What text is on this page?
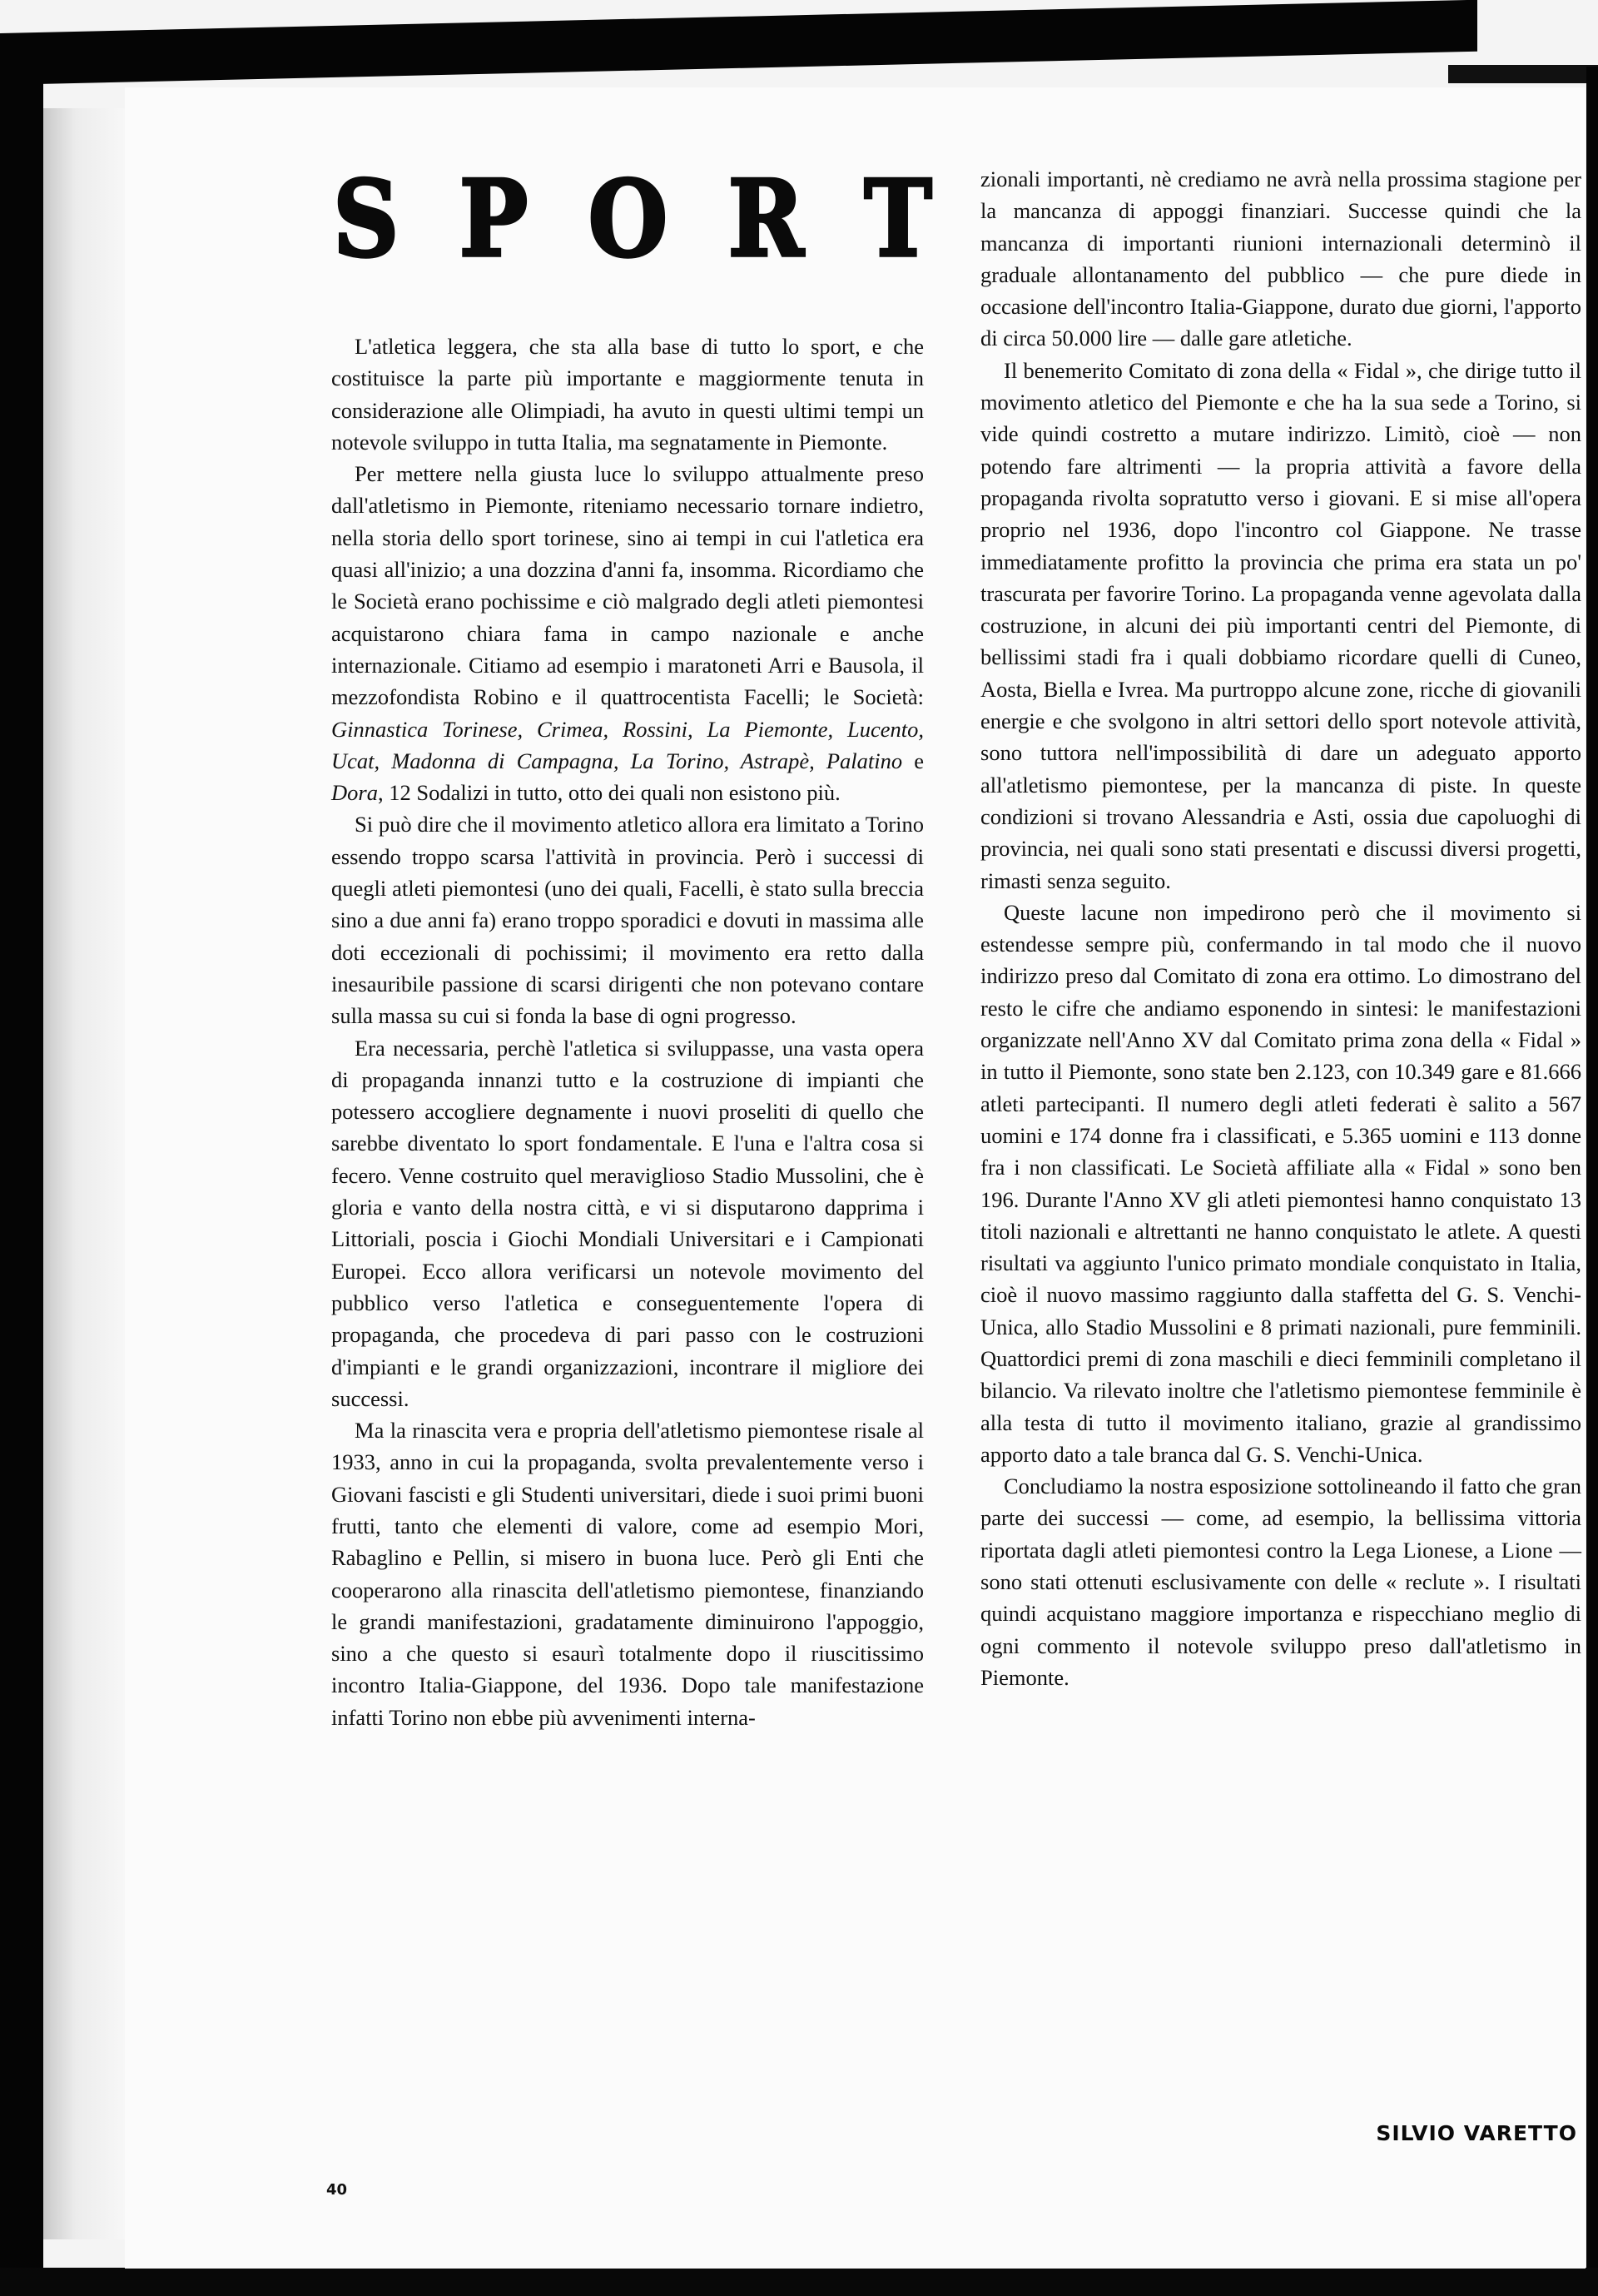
S P O R T

L'atletica leggera, che sta alla base di tutto lo sport, e che costituisce la parte più importante e maggiormente tenuta in considerazione alle Olimpiadi, ha avuto in questi ultimi tempi un notevole sviluppo in tutta Italia, ma segnatamente in Piemonte.

Per mettere nella giusta luce lo sviluppo attualmente preso dall'atletismo in Piemonte, riteniamo necessario tornare indietro, nella storia dello sport torinese, sino ai tempi in cui l'atletica era quasi all'inizio; a una dozzina d'anni fa, insomma. Ricordiamo che le Società erano pochissime e ciò malgrado degli atleti piemontesi acquistarono chiara fama in campo nazionale e anche internazionale. Citiamo ad esempio i maratoneti Arri e Bausola, il mezzofondista Robino e il quattrocentista Facelli; le Società: Ginnastica Torinese, Crimea, Rossini, La Piemonte, Lucento, Ucat, Madonna di Campagna, La Torino, Astrapè, Palatino e Dora, 12 Sodalizi in tutto, otto dei quali non esistono più.

Si può dire che il movimento atletico allora era limitato a Torino essendo troppo scarsa l'attività in provincia. Però i successi di quegli atleti piemontesi (uno dei quali, Facelli, è stato sulla breccia sino a due anni fa) erano troppo sporadici e dovuti in massima alle doti eccezionali di pochissimi; il movimento era retto dalla inesauribile passione di scarsi dirigenti che non potevano contare sulla massa su cui si fonda la base di ogni progresso.

Era necessaria, perchè l'atletica si sviluppasse, una vasta opera di propaganda innanzi tutto e la costruzione di impianti che potessero accogliere degnamente i nuovi proseliti di quello che sarebbe diventato lo sport fondamentale. E l'una e l'altra cosa si fecero. Venne costruito quel meraviglioso Stadio Mussolini, che è gloria e vanto della nostra città, e vi si disputarono dapprima i Littoriali, poscia i Giochi Mondiali Universitari e i Campionati Europei. Ecco allora verificarsi un notevole movimento del pubblico verso l'atletica e conseguentemente l'opera di propaganda, che procedeva di pari passo con le costruzioni d'impianti e le grandi organizzazioni, incontrare il migliore dei successi.

Ma la rinascita vera e propria dell'atletismo piemontese risale al 1933, anno in cui la propaganda, svolta prevalentemente verso i Giovani fascisti e gli Studenti universitari, diede i suoi primi buoni frutti, tanto che elementi di valore, come ad esempio Mori, Rabaglino e Pellin, si misero in buona luce. Però gli Enti che cooperarono alla rinascita dell'atletismo piemontese, finanziando le grandi manifestazioni, gradatamente diminuirono l'appoggio, sino a che questo si esaurì totalmente dopo il riuscitissimo incontro Italia-Giappone, del 1936. Dopo tale manifestazione infatti Torino non ebbe più avvenimenti interna-

zionali importanti, nè crediamo ne avrà nella prossima stagione per la mancanza di appoggi finanziari. Successe quindi che la mancanza di importanti riunioni internazionali determinò il graduale allontanamento del pubblico — che pure diede in occasione dell'incontro Italia-Giappone, durato due giorni, l'apporto di circa 50.000 lire — dalle gare atletiche.

Il benemerito Comitato di zona della « Fidal », che dirige tutto il movimento atletico del Piemonte e che ha la sua sede a Torino, si vide quindi costretto a mutare indirizzo. Limitò, cioè — non potendo fare altrimenti — la propria attività a favore della propaganda rivolta sopratutto verso i giovani. E si mise all'opera proprio nel 1936, dopo l'incontro col Giappone. Ne trasse immediatamente profitto la provincia che prima era stata un po' trascurata per favorire Torino. La propaganda venne agevolata dalla costruzione, in alcuni dei più importanti centri del Piemonte, di bellissimi stadi fra i quali dobbiamo ricordare quelli di Cuneo, Aosta, Biella e Ivrea. Ma purtroppo alcune zone, ricche di giovanili energie e che svolgono in altri settori dello sport notevole attività, sono tuttora nell'impossibilità di dare un adeguato apporto all'atletismo piemontese, per la mancanza di piste. In queste condizioni si trovano Alessandria e Asti, ossia due capoluoghi di provincia, nei quali sono stati presentati e discussi diversi progetti, rimasti senza seguito.

Queste lacune non impedirono però che il movimento si estendesse sempre più, confermando in tal modo che il nuovo indirizzo preso dal Comitato di zona era ottimo. Lo dimostrano del resto le cifre che andiamo esponendo in sintesi: le manifestazioni organizzate nell'Anno XV dal Comitato prima zona della « Fidal » in tutto il Piemonte, sono state ben 2.123, con 10.349 gare e 81.666 atleti partecipanti. Il numero degli atleti federati è salito a 567 uomini e 174 donne fra i classificati, e 5.365 uomini e 113 donne fra i non classificati. Le Società affiliate alla « Fidal » sono ben 196. Durante l'Anno XV gli atleti piemontesi hanno conquistato 13 titoli nazionali e altrettanti ne hanno conquistato le atlete. A questi risultati va aggiunto l'unico primato mondiale conquistato in Italia, cioè il nuovo massimo raggiunto dalla staffetta del G. S. Venchi-Unica, allo Stadio Mussolini e 8 primati nazionali, pure femminili. Quattordici premi di zona maschili e dieci femminili completano il bilancio. Va rilevato inoltre che l'atletismo piemontese femminile è alla testa di tutto il movimento italiano, grazie al grandissimo apporto dato a tale branca dal G. S. Venchi-Unica.

Concludiamo la nostra esposizione sottolineando il fatto che gran parte dei successi — come, ad esempio, la bellissima vittoria riportata dagli atleti piemontesi contro la Lega Lionese, a Lione — sono stati ottenuti esclusivamente con delle « reclute ». I risultati quindi acquistano maggiore importanza e rispecchiano meglio di ogni commento il notevole sviluppo preso dall'atletismo in Piemonte.

SILVIO VARETTO
40
